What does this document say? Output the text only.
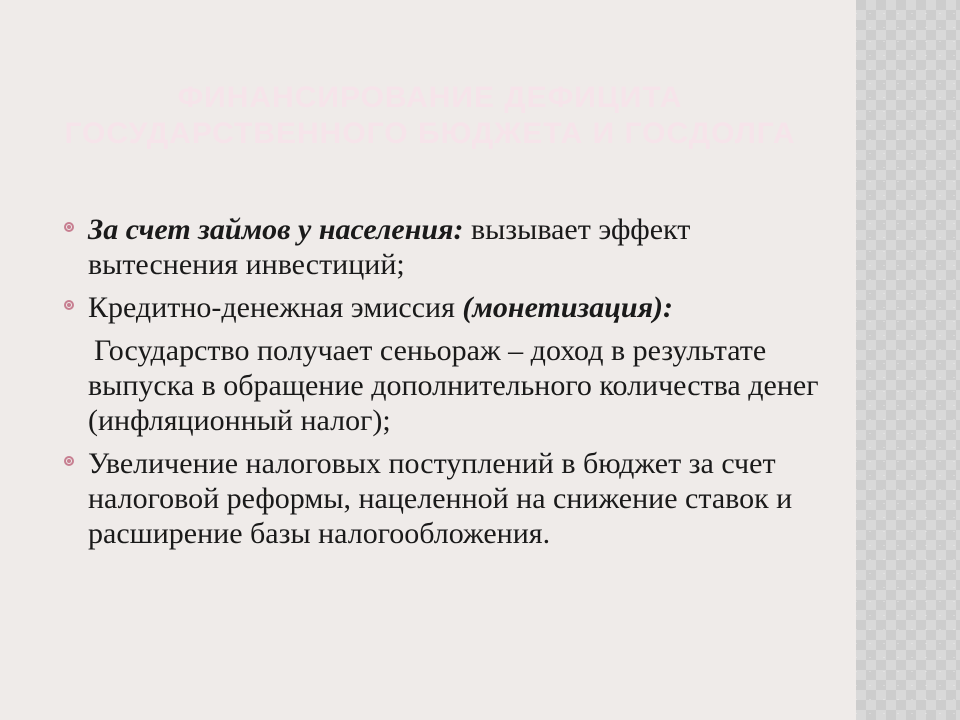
ФИНАНСИРОВАНИЕ ДЕФИЦИТА
ГОСУДАРСТВЕННОГО БЮДЖЕТА И ГОСДОЛГА
За счет займов у населения: вызывает эффект вытеснения инвестиций;
Кредитно-денежная эмиссия (монетизация):
Государство получает сеньораж – доход в результате выпуска в обращение дополнительного количества денег (инфляционный налог);
Увеличение налоговых поступлений в бюджет за счет налоговой реформы, нацеленной на снижение ставок и расширение базы налогообложения.
